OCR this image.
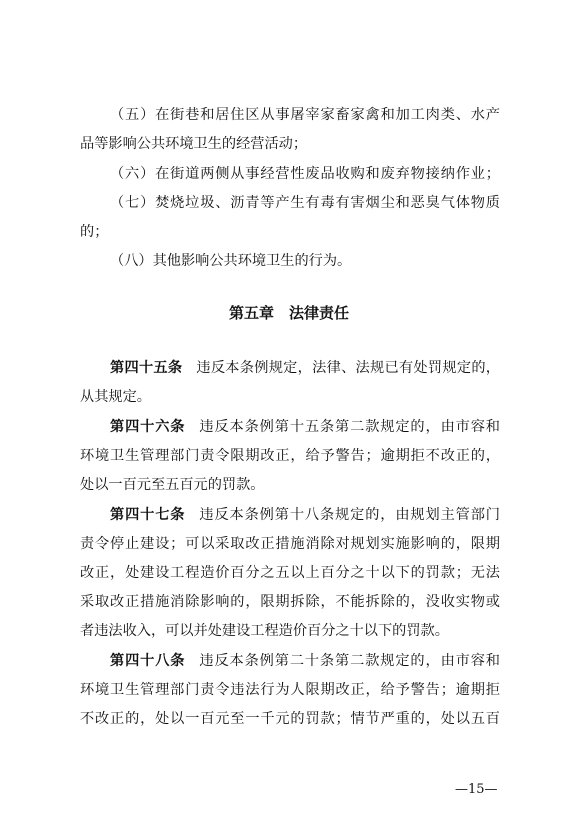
（五）在街巷和居住区从事屠宰家畜家禽和加工肉类、水产
品等影响公共环境卫生的经营活动；
（六）在街道两侧从事经营性废品收购和废弃物接纳作业；
（七）焚烧垃圾、沥青等产生有毒有害烟尘和恶臭气体物质
的；
（八）其他影响公共环境卫生的行为。
第五章　法律责任
第四十五条 违反本条例规定，法律、法规已有处罚规定的，
从其规定。
第四十六条 违反本条例第十五条第二款规定的，由市容和
环境卫生管理部门责令限期改正，给予警告；逾期拒不改正的，
处以一百元至五百元的罚款。
第四十七条 违反本条例第十八条规定的，由规划主管部门
责令停止建设；可以采取改正措施消除对规划实施影响的，限期
改正，处建设工程造价百分之五以上百分之十以下的罚款；无法
采取改正措施消除影响的，限期拆除，不能拆除的，没收实物或
者违法收入，可以并处建设工程造价百分之十以下的罚款。
第四十八条 违反本条例第二十条第二款规定的，由市容和
环境卫生管理部门责令违法行为人限期改正，给予警告；逾期拒
不改正的，处以一百元至一千元的罚款；情节严重的，处以五百
—15—
